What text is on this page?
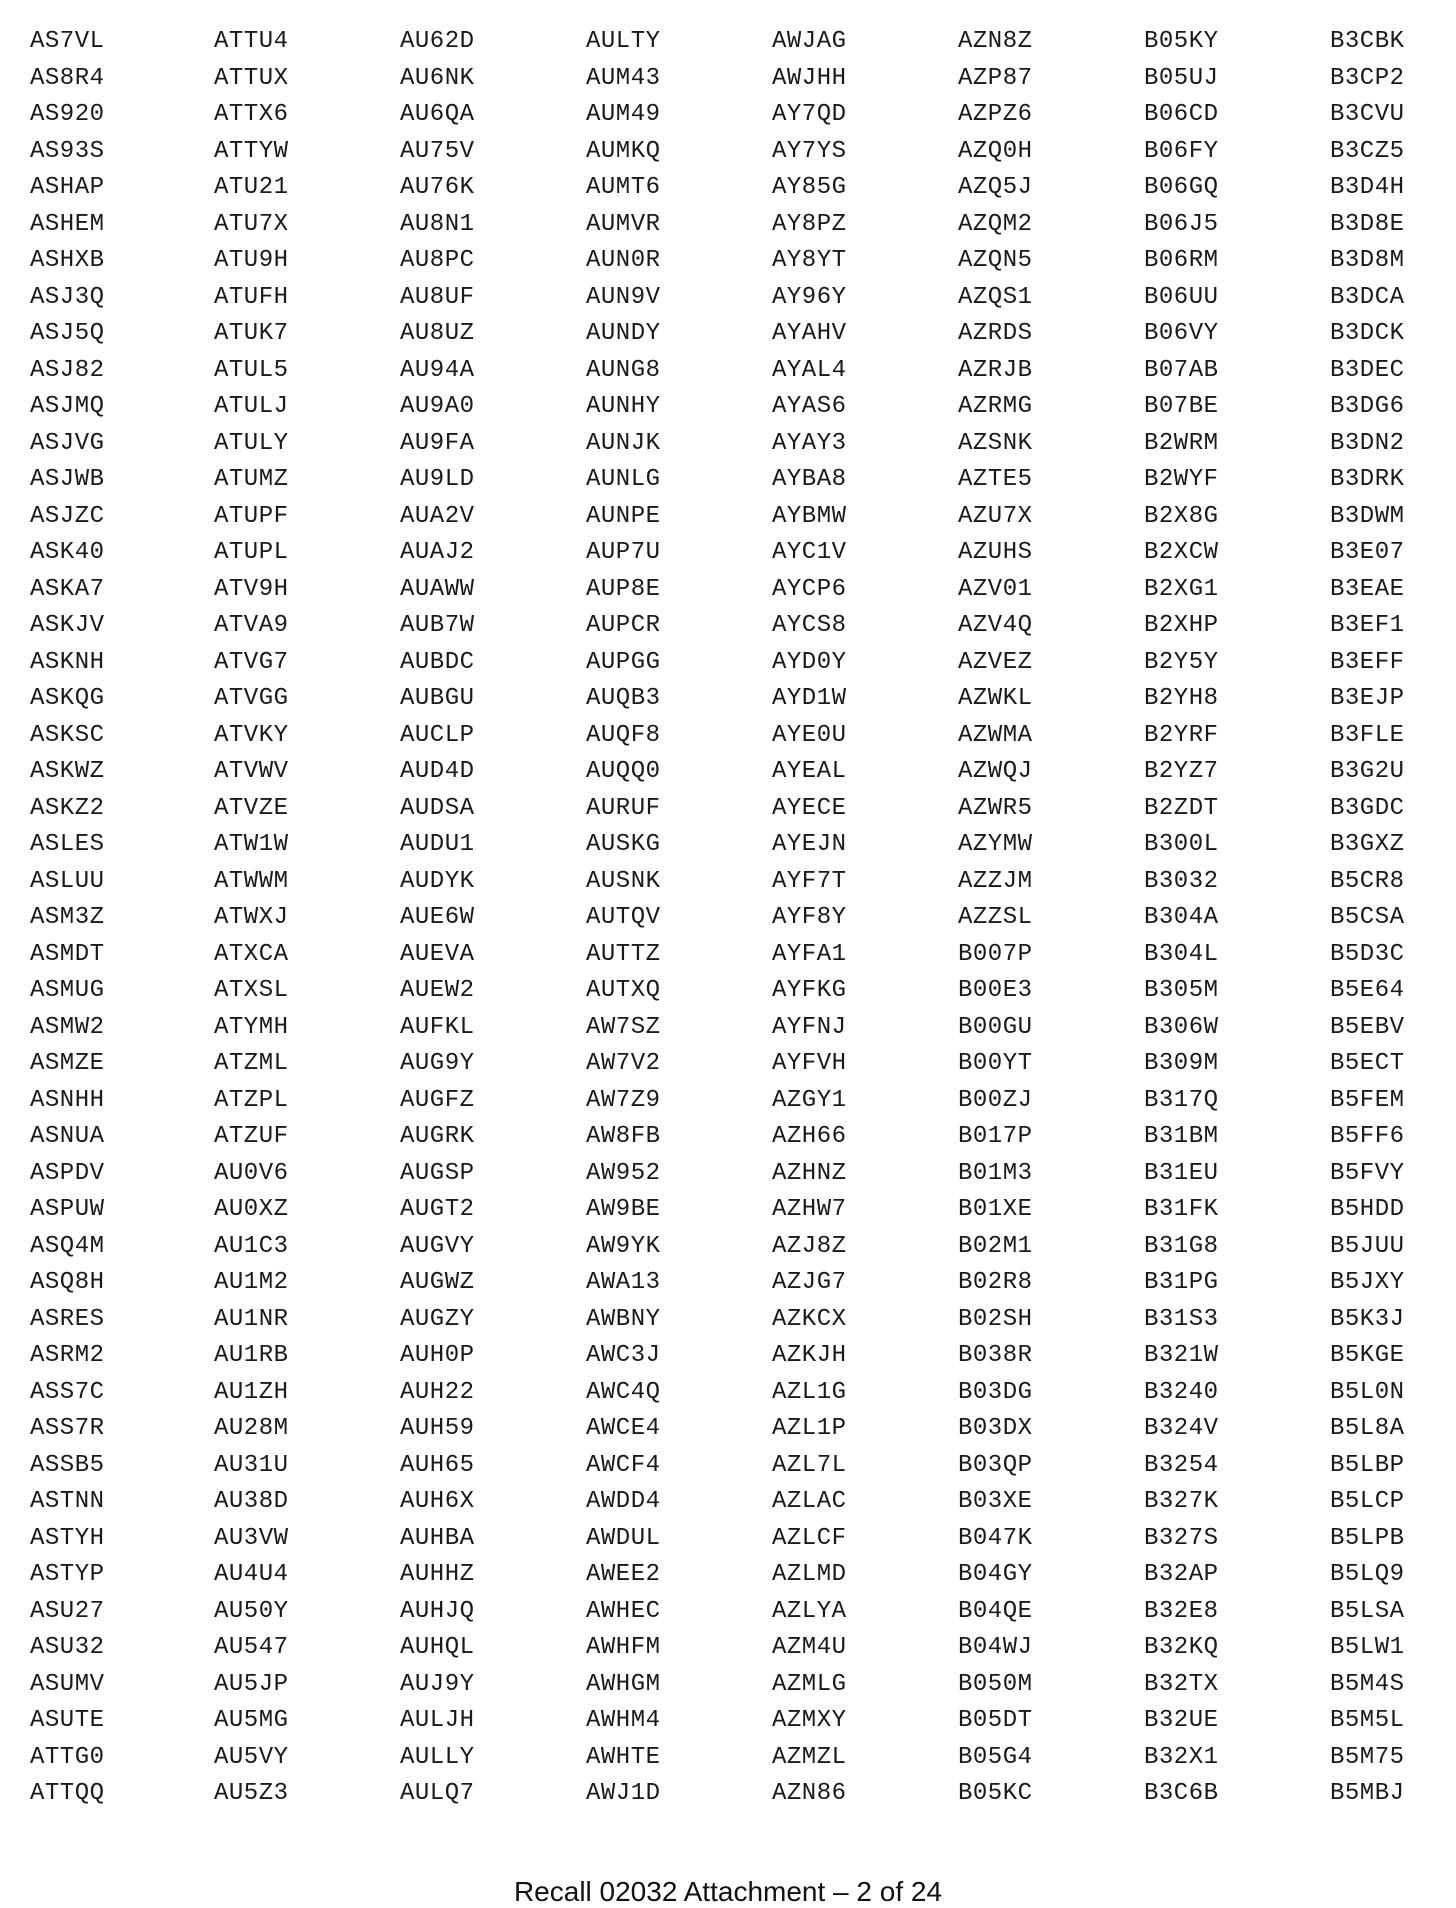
AS7VL
AS8R4
AS920
AS93S
ASHAP
ASHEM
ASHXB
ASJ3Q
ASJ5Q
ASJ82
ASJMQ
ASJVG
ASJWB
ASJZC
ASK40
ASKA7
ASKJV
ASKNH
ASKQG
ASKSC
ASKWZ
ASKZ2
ASLES
ASLUU
ASM3Z
ASMDT
ASMUG
ASMW2
ASMZE
ASNHH
ASNUA
ASPDV
ASPUW
ASQ4M
ASQ8H
ASRES
ASRM2
ASS7C
ASS7R
ASSB5
ASTNN
ASTYH
ASTYP
ASU27
ASU32
ASUMV
ASUTE
ATTG0
ATTQQ
ATTU4
ATTUX
ATTX6
ATTYW
ATU21
ATU7X
ATU9H
ATUFH
ATUK7
ATUL5
ATULJ
ATULY
ATUMZ
ATUPF
ATUPL
ATV9H
ATVA9
ATVG7
ATVGG
ATVKY
ATVWV
ATVZE
ATW1W
ATWWM
ATWXJ
ATXCA
ATXSL
ATYMH
ATZML
ATZPL
ATZUF
AU0V6
AU0XZ
AU1C3
AU1M2
AU1NR
AU1RB
AU1ZH
AU28M
AU31U
AU38D
AU3VW
AU4U4
AU50Y
AU547
AU5JP
AU5MG
AU5VY
AU5Z3
AU62D
AU6NK
AU6QA
AU75V
AU76K
AU8N1
AU8PC
AU8UF
AU8UZ
AU94A
AU9A0
AU9FA
AU9LD
AUA2V
AUAJ2
AUAWW
AUB7W
AUBDC
AUBGU
AUCLP
AUD4D
AUDSA
AUDU1
AUDYK
AUE6W
AUEVA
AUEW2
AUFKL
AUG9Y
AUGFZ
AUGRK
AUGSP
AUGT2
AUGVY
AUGWZ
AUGZY
AUH0P
AUH22
AUH59
AUH65
AUH6X
AUHBA
AUHHZ
AUHJQ
AUHQL
AUJ9Y
AULJH
AULLY
AULQ7
AULTY
AUM43
AUM49
AUMKQ
AUMT6
AUMVR
AUN0R
AUN9V
AUNDY
AUNG8
AUNHY
AUNJK
AUNLG
AUNPE
AUP7U
AUP8E
AUPCR
AUPGG
AUQB3
AUQF8
AUQQ0
AURUF
AUSKG
AUSNK
AUTQV
AUTTZ
AUTXQ
AW7SZ
AW7V2
AW7Z9
AW8FB
AW952
AW9BE
AW9YK
AWA13
AWBNY
AWC3J
AWC4Q
AWCE4
AWCF4
AWDD4
AWDUL
AWEE2
AWHEC
AWHFM
AWHGM
AWHM4
AWHTE
AWJ1D
AWJAG
AWJHH
AY7QD
AY7YS
AY85G
AY8PZ
AY8YT
AY96Y
AYAHV
AYAL4
AYAS6
AYAY3
AYBA8
AYBMW
AYC1V
AYCP6
AYCS8
AYD0Y
AYD1W
AYE0U
AYEAL
AYECE
AYEJN
AYF7T
AYF8Y
AYFA1
AYFKG
AYFNJ
AYFVH
AZGY1
AZH66
AZHNZ
AZHW7
AZJ8Z
AZJG7
AZKCX
AZKJH
AZL1G
AZL1P
AZL7L
AZLAC
AZLCF
AZLMD
AZLYA
AZM4U
AZMLG
AZMXY
AZMZL
AZN86
AZN8Z
AZP87
AZPZ6
AZQ0H
AZQ5J
AZQM2
AZQN5
AZQS1
AZRDS
AZRJB
AZRMG
AZSNK
AZTE5
AZU7X
AZUHS
AZV01
AZV4Q
AZVEZ
AZWKL
AZWMA
AZWQJ
AZWR5
AZYMW
AZZJM
AZZSL
B007P
B00E3
B00GU
B00YT
B00ZJ
B017P
B01M3
B01XE
B02M1
B02R8
B02SH
B038R
B03DG
B03DX
B03QP
B03XE
B047K
B04GY
B04QE
B04WJ
B050M
B05DT
B05G4
B05KC
B05KY
B05UJ
B06CD
B06FY
B06GQ
B06J5
B06RM
B06UU
B06VY
B07AB
B07BE
B2WRM
B2WYF
B2X8G
B2XCW
B2XG1
B2XHP
B2Y5Y
B2YH8
B2YRF
B2YZ7
B2ZDT
B300L
B3032
B304A
B304L
B305M
B306W
B309M
B317Q
B31BM
B31EU
B31FK
B31G8
B31PG
B31S3
B321W
B3240
B324V
B3254
B327K
B327S
B32AP
B32E8
B32KQ
B32TX
B32UE
B32X1
B3C6B
B3CBK
B3CP2
B3CVU
B3CZ5
B3D4H
B3D8E
B3D8M
B3DCA
B3DCK
B3DEC
B3DG6
B3DN2
B3DRK
B3DWM
B3E07
B3EAE
B3EF1
B3EFF
B3EJP
B3FLE
B3G2U
B3GDC
B3GXZ
B5CR8
B5CSA
B5D3C
B5E64
B5EBV
B5ECT
B5FEM
B5FF6
B5FVY
B5HDD
B5JUU
B5JXY
B5K3J
B5KGE
B5L0N
B5L8A
B5LBP
B5LCP
B5LPB
B5LQ9
B5LSA
B5LW1
B5M4S
B5M5L
B5M75
B5MBJ
Recall 02032 Attachment – 2 of 24
